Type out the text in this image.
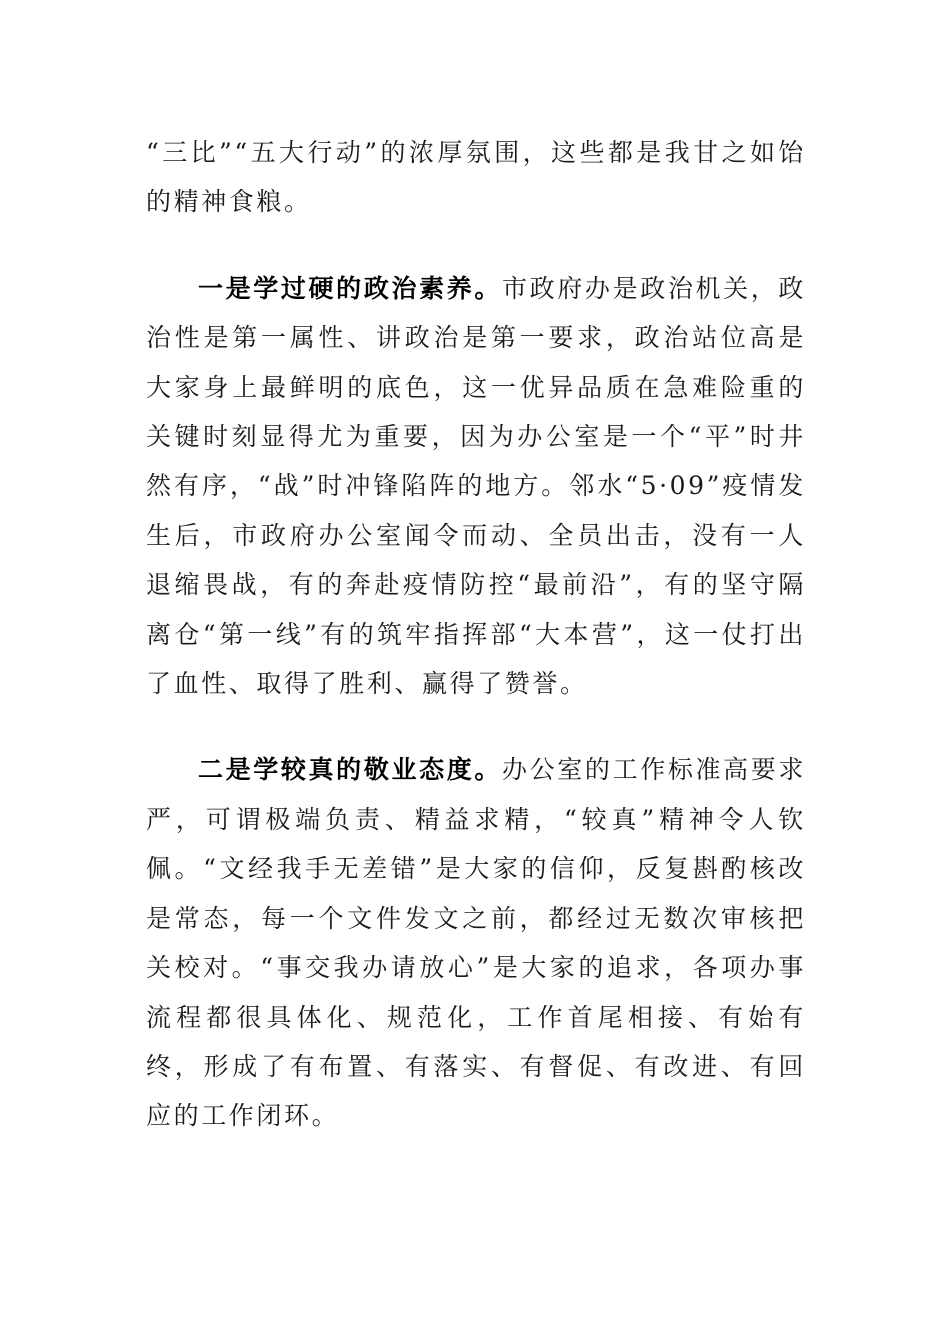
“三比”“五大行动”的浓厚氛围，这些都是我甘之如饴的精神食粮。

一是学过硬的政治素养。市政府办是政治机关，政治性是第一属性、讲政治是第一要求，政治站位高是大家身上最鲜明的底色，这一优异品质在急难险重的关键时刻显得尤为重要，因为办公室是一个“平”时井然有序，“战”时冲锋陷阵的地方。邻水“5·09”疫情发生后，市政府办公室闻令而动、全员出击，没有一人退缩畏战，有的奔赴疫情防控“最前沿”，有的坚守隔离仓“第一线”有的筑牢指挥部“大本营”，这一仗打出了血性、取得了胜利、赢得了赞誉。

二是学较真的敬业态度。办公室的工作标准高要求严，可谓极端负责、精益求精，“较真”精神令人钦佩。“文经我手无差错”是大家的信仰，反复斟酌核改是常态，每一个文件发文之前，都经过无数次审核把关校对。“事交我办请放心”是大家的追求，各项办事流程都很具体化、规范化，工作首尾相接、有始有终，形成了有布置、有落实、有督促、有改进、有回应的工作闭环。
